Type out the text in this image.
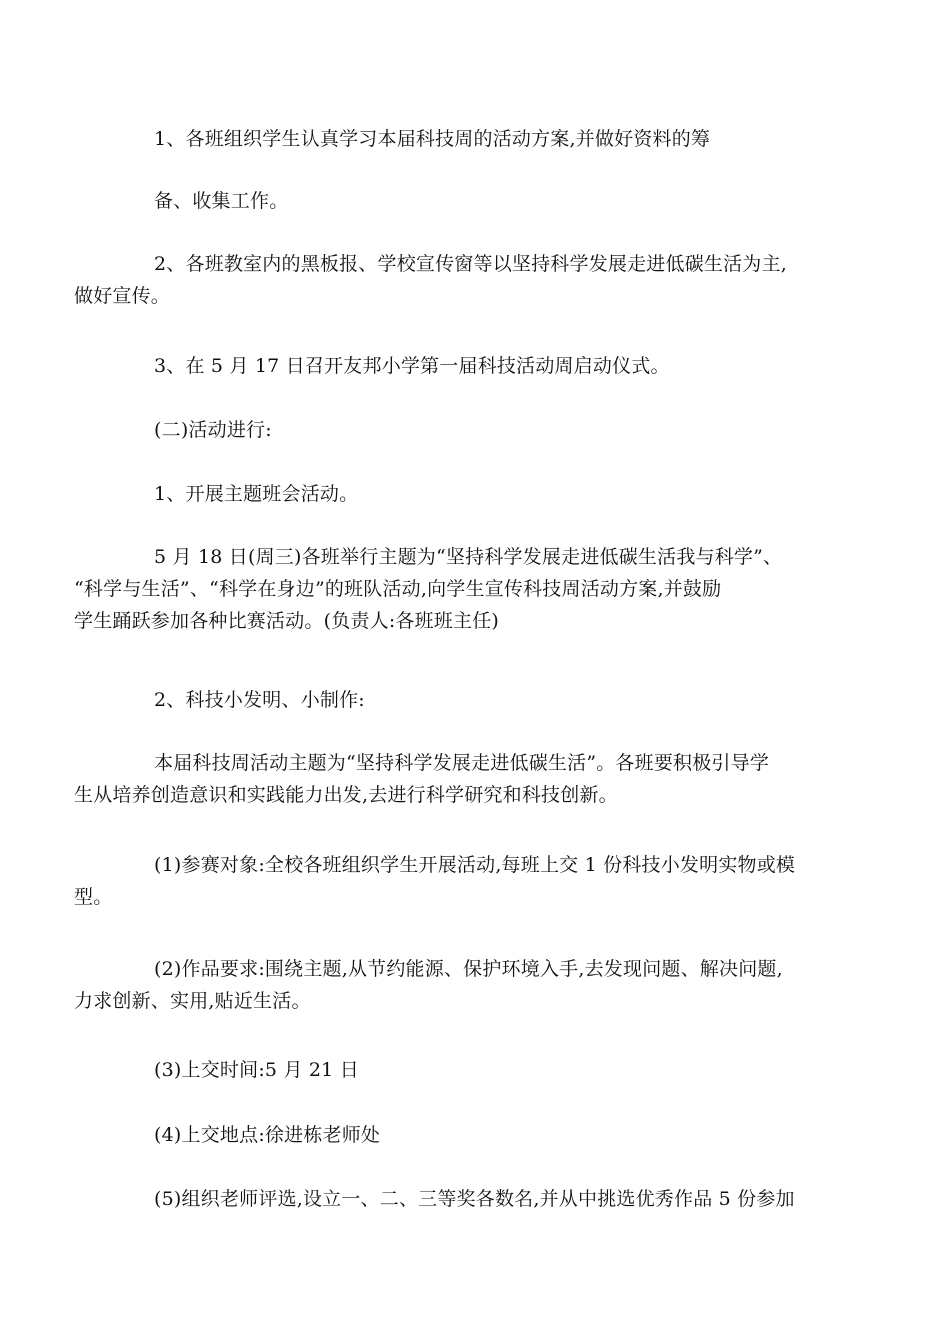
1、各班组织学生认真学习本届科技周的活动方案,并做好资料的筹

备、收集工作。

2、各班教室内的黑板报、学校宣传窗等以坚持科学发展走进低碳生活为主,
做好宣传。

3、在 5 月 17 日召开友邦小学第一届科技活动周启动仪式。

(二)活动进行:

1、开展主题班会活动。

5 月 18 日(周三)各班举行主题为“坚持科学发展走进低碳生活我与科学”、
“科学与生活”、“科学在身边”的班队活动,向学生宣传科技周活动方案,并鼓励
学生踊跃参加各种比赛活动。(负责人:各班班主任)

2、科技小发明、小制作:

本届科技周活动主题为“坚持科学发展走进低碳生活”。各班要积极引导学
生从培养创造意识和实践能力出发,去进行科学研究和科技创新。

(1)参赛对象:全校各班组织学生开展活动,每班上交 1 份科技小发明实物或模
型。

(2)作品要求:围绕主题,从节约能源、保护环境入手,去发现问题、解决问题,
力求创新、实用,贴近生活。

(3)上交时间:5 月 21 日

(4)上交地点:徐进栋老师处

(5)组织老师评选,设立一、二、三等奖各数名,并从中挑选优秀作品 5 份参加
